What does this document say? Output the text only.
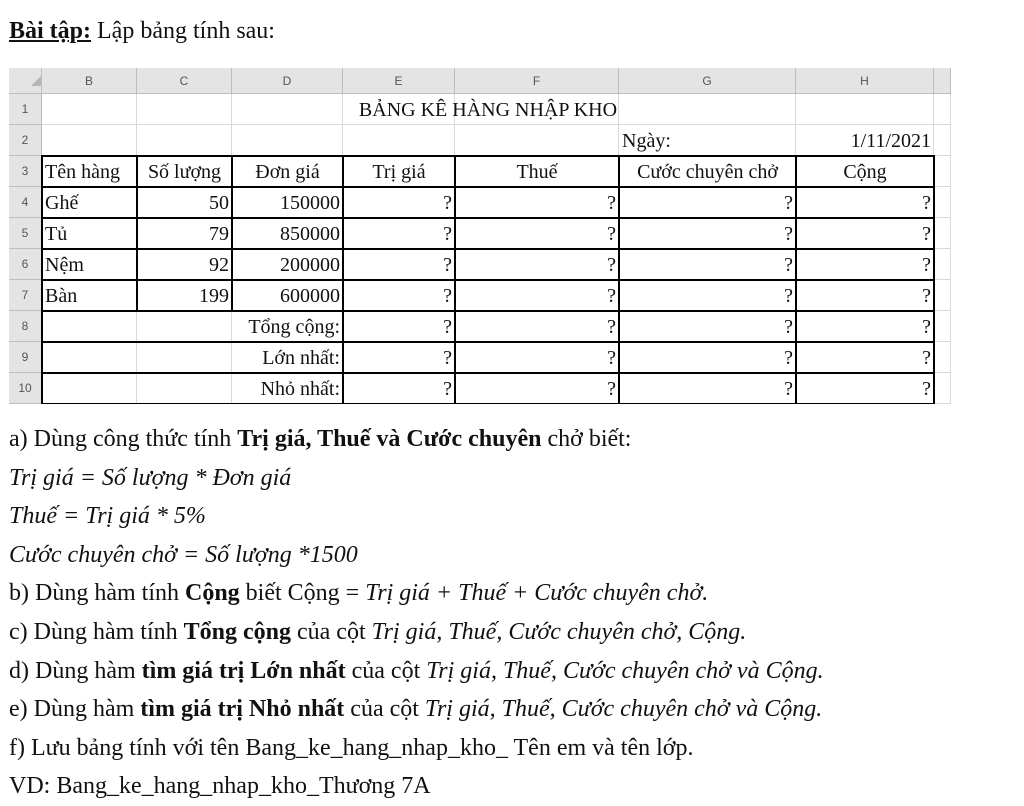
Bài tập: Lập bảng tính sau:
B	C	D	E	F	G	H
1
2
3
4
5
6
7
8
9
10
BẢNG KÊ HÀNG NHẬP KHO
Ngày:	1/11/2021
Tên hàng	Số lượng	Đơn giá	Trị giá	Thuế	Cước chuyên chở	Cộng
Ghế	50	150000	?	?	?	?
Tủ	79	850000	?	?	?	?
Nệm	92	200000	?	?	?	?
Bàn	199	600000	?	?	?	?
Tổng cộng:	?	?	?	?
Lớn nhất:	?	?	?	?
Nhỏ nhất:	?	?	?	?
a) Dùng công thức tính Trị giá, Thuế và Cước chuyên chở biết:
Trị giá = Số lượng * Đơn giá
Thuế = Trị giá * 5%
Cước chuyên chở = Số lượng *1500
b) Dùng hàm tính Cộng biết Cộng = Trị giá + Thuế + Cước chuyên chở.
c) Dùng hàm tính Tổng cộng của cột Trị giá, Thuế, Cước chuyên chở, Cộng.
d) Dùng hàm tìm giá trị Lớn nhất của cột Trị giá, Thuế, Cước chuyên chở và Cộng.
e) Dùng hàm tìm giá trị Nhỏ nhất của cột Trị giá, Thuế, Cước chuyên chở và Cộng.
f) Lưu bảng tính với tên Bang_ke_hang_nhap_kho_ Tên em và tên lớp.
VD: Bang_ke_hang_nhap_kho_Thương 7A
